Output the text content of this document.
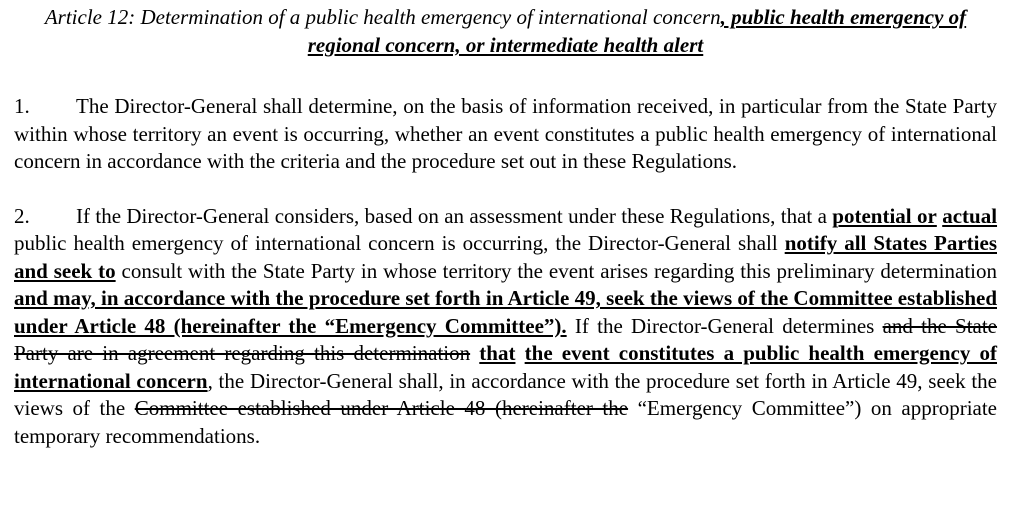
Article 12: Determination of a public health emergency of international concern, public health emergency of regional concern, or intermediate health alert

1. The Director-General shall determine, on the basis of information received, in particular from the State Party within whose territory an event is occurring, whether an event constitutes a public health emergency of international concern in accordance with the criteria and the procedure set out in these Regulations.

2. If the Director-General considers, based on an assessment under these Regulations, that a potential or actual public health emergency of international concern is occurring, the Director-General shall notify all States Parties and seek to consult with the State Party in whose territory the event arises regarding this preliminary determination and may, in accordance with the procedure set forth in Article 49, seek the views of the Committee established under Article 48 (hereinafter the “Emergency Committee”). If the Director-General determines and the State Party are in agreement regarding this determination that the event constitutes a public health emergency of international concern, the Director-General shall, in accordance with the procedure set forth in Article 49, seek the views of the Committee established under Article 48 (hereinafter the “Emergency Committee”) on appropriate temporary recommendations.
